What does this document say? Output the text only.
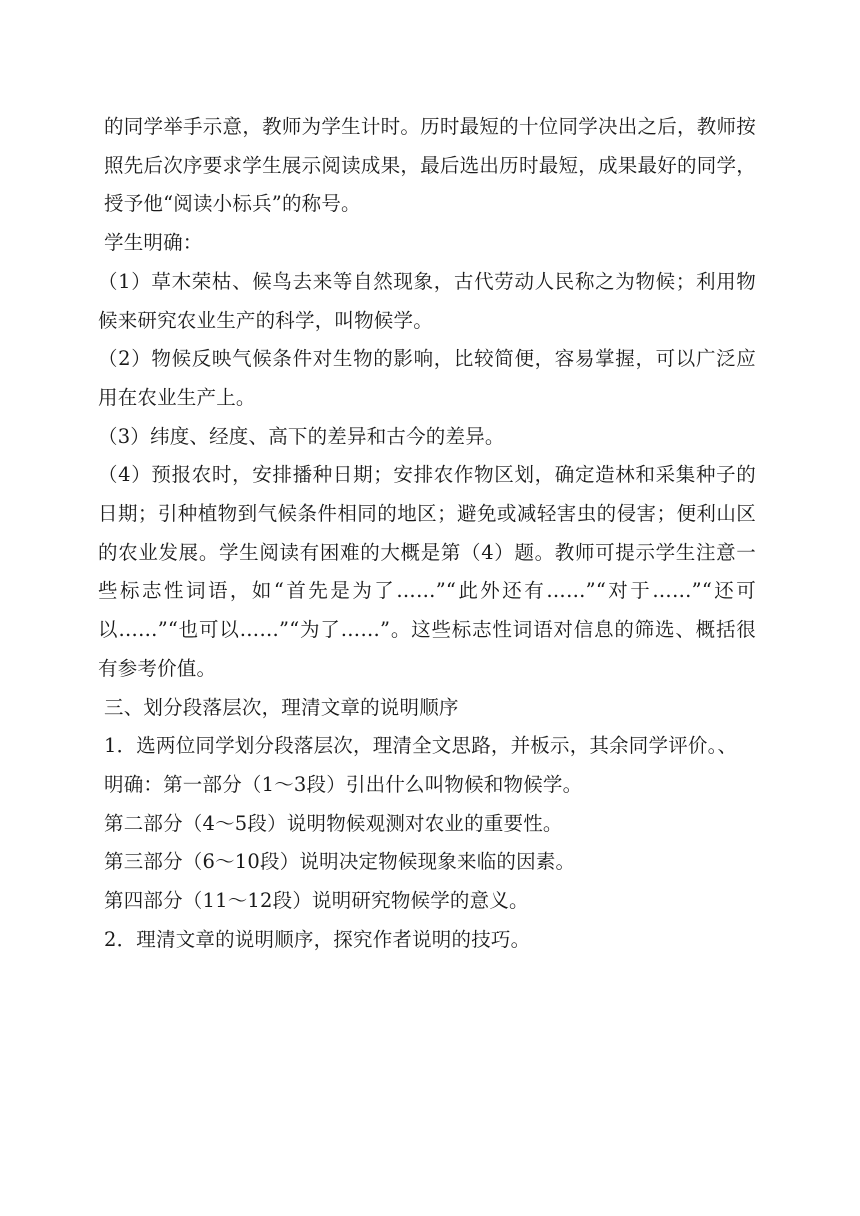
的同学举手示意，教师为学生计时。历时最短的十位同学决出之后，教师按照先后次序要求学生展示阅读成果，最后选出历时最短，成果最好的同学，授予他“阅读小标兵”的称号。

学生明确：

（1）草木荣枯、候鸟去来等自然现象，古代劳动人民称之为物候；利用物候来研究农业生产的科学，叫物候学。

（2）物候反映气候条件对生物的影响，比较简便，容易掌握，可以广泛应用在农业生产上。

（3）纬度、经度、高下的差异和古今的差异。

（4）预报农时，安排播种日期；安排农作物区划，确定造林和采集种子的日期；引种植物到气候条件相同的地区；避免或减轻害虫的侵害；便利山区的农业发展。学生阅读有困难的大概是第（4）题。教师可提示学生注意一些标志性词语，如“首先是为了……”“此外还有……”“对于……”“还可以……”“也可以……”“为了……”。这些标志性词语对信息的筛选、概括很有参考价值。

三、划分段落层次，理清文章的说明顺序

1．选两位同学划分段落层次，理清全文思路，并板示，其余同学评价。、

明确：第一部分（1～3段）引出什么叫物候和物候学。

第二部分（4～5段）说明物候观测对农业的重要性。

第三部分（6～10段）说明决定物候现象来临的因素。

第四部分（11～12段）说明研究物候学的意义。

2．理清文章的说明顺序，探究作者说明的技巧。
